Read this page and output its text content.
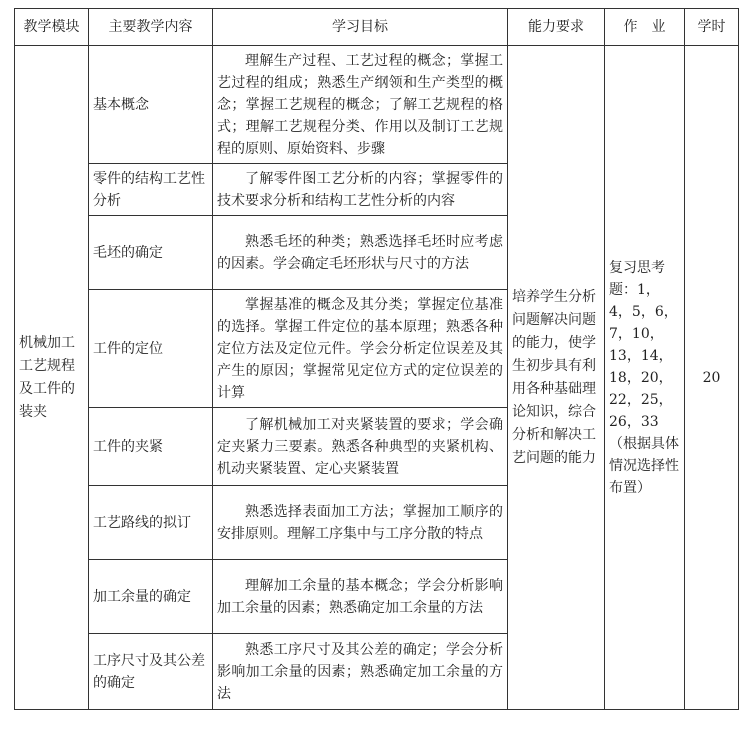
教学模块	主要教学内容	学习目标	能力要求	作　业	学时
机械加工工艺规程及工件的装夹	基本概念	理解生产过程、工艺过程的概念；掌握工艺过程的组成；熟悉生产纲领和生产类型的概念；掌握工艺规程的概念；了解工艺规程的格式；理解工艺规程分类、作用以及制订工艺规程的原则、原始资料、步骤	培养学生分析问题解决问题的能力，使学生初步具有利用各种基础理论知识，综合分析和解决工艺问题的能力	复习思考题：1，4，5，6，7，10，13，14，18，20，22，25，26，33（根据具体情况选择性布置）	20
	零件的结构工艺性分析	了解零件图工艺分析的内容；掌握零件的技术要求分析和结构工艺性分析的内容			

	毛坯的确定	熟悉毛坯的种类；熟悉选择毛坯时应考虑的因素。学会确定毛坯形状与尺寸的方法			

	工件的定位	掌握基准的概念及其分类；掌握定位基准的选择。掌握工件定位的基本原理；熟悉各种定位方法及定位元件。学会分析定位误差及其产生的原因；掌握常见定位方式的定位误差的计算			

	工件的夹紧	了解机械加工对夹紧装置的要求；学会确定夹紧力三要素。熟悉各种典型的夹紧机构、机动夹紧装置、定心夹紧装置			

	工艺路线的拟订	熟悉选择表面加工方法；掌握加工顺序的安排原则。理解工序集中与工序分散的特点			

	加工余量的确定	理解加工余量的基本概念；学会分析影响加工余量的因素；熟悉确定加工余量的方法			

	工序尺寸及其公差的确定	熟悉工序尺寸及其公差的确定；学会分析影响加工余量的因素；熟悉确定加工余量的方法			
